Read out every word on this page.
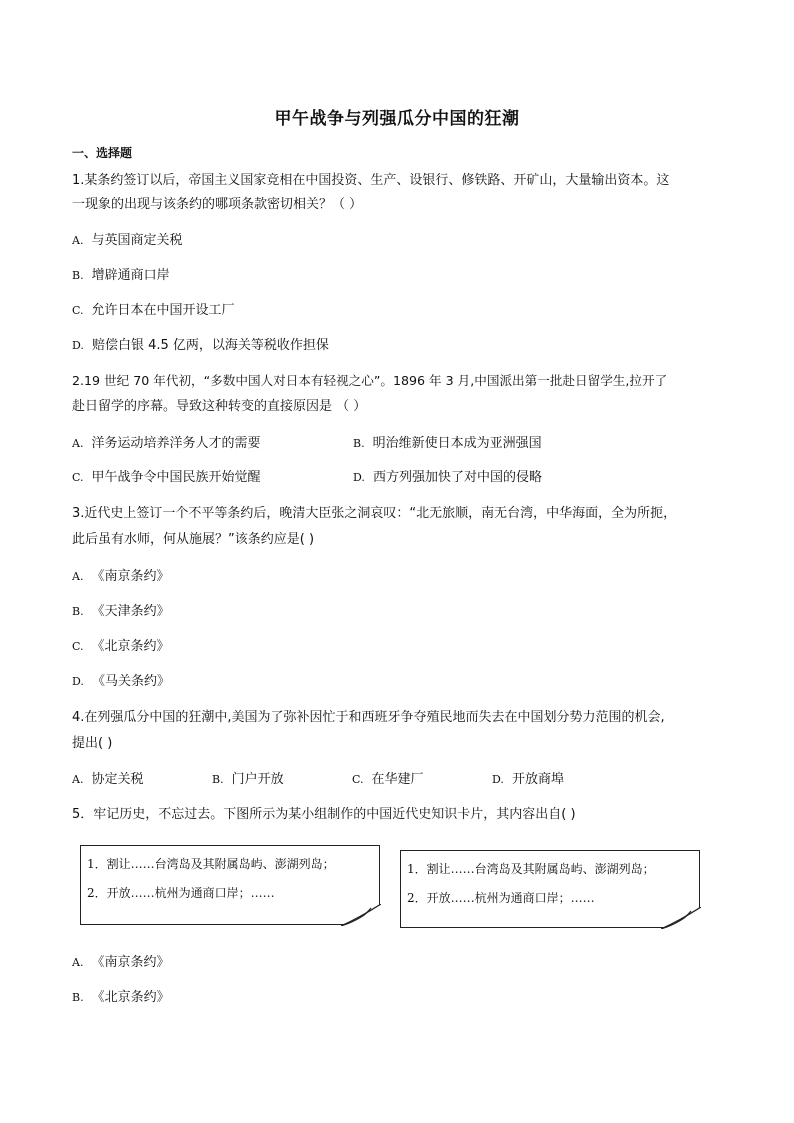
甲午战争与列强瓜分中国的狂潮
一、选择题
1.某条约签订以后，帝国主义国家竞相在中国投资、生产、设银行、修铁路、开矿山，大量输出资本。这
一现象的出现与该条约的哪项条款密切相关？（ ）
A. 与英国商定关税
B. 增辟通商口岸
C. 允许日本在中国开设工厂
D. 赔偿白银 4.5 亿两，以海关等税收作担保
2.19 世纪 70 年代初，“多数中国人对日本有轻视之心”。1896 年 3 月,中国派出第一批赴日留学生,拉开了
赴日留学的序幕。导致这种转变的直接原因是 （ ）
A. 洋务运动培养洋务人才的需要	B. 明治维新使日本成为亚洲强国
C. 甲午战争令中国民族开始觉醒	D. 西方列强加快了对中国的侵略
3.近代史上签订一个不平等条约后，晚清大臣张之洞哀叹：“北无旅顺，南无台湾，中华海面，全为所扼，
此后虽有水师，何从施展？”该条约应是( )
A. 《南京条约》
B. 《天津条约》
C. 《北京条约》
D. 《马关条约》
4.在列强瓜分中国的狂潮中,美国为了弥补因忙于和西班牙争夺殖民地而失去在中国划分势力范围的机会,
提出( )
A. 协定关税	B. 门户开放	C. 在华建厂	D. 开放商埠
5．牢记历史，不忘过去。下图所示为某小组制作的中国近代史知识卡片，其内容出自( )
1．割让……台湾岛及其附属岛屿、澎湖列岛；
2．开放……杭州为通商口岸；……
1．割让……台湾岛及其附属岛屿、澎湖列岛；
2．开放……杭州为通商口岸；……
A. 《南京条约》
B. 《北京条约》
